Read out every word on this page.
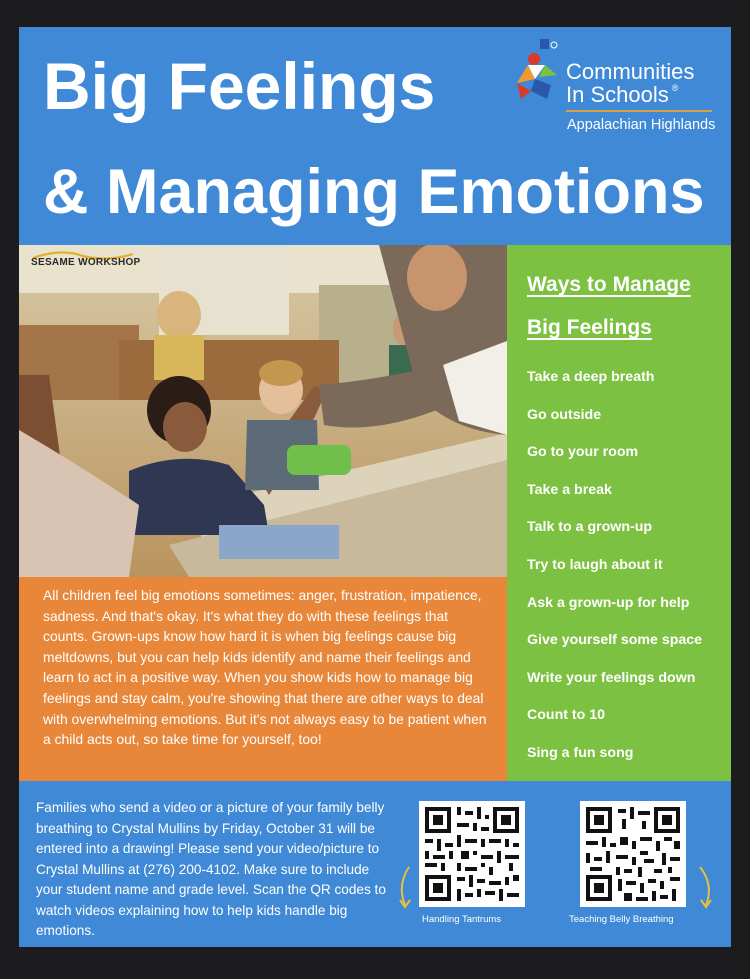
Big Feelings
& Managing Emotions
Communities
In Schools ®
Appalachian Highlands
SESAME WORKSHOP
Ways to Manage
Big Feelings
Take a deep breath
Go outside
Go to your room
Take a break
Talk to a grown-up
Try to laugh about it
Ask a grown-up for help
Give yourself some space
Write your feelings down
Count to 10
Sing a fun song

All children feel big emotions sometimes: anger, frustration, impatience, sadness. And that's okay. It's what they do with these feelings that counts. Grown-ups know how hard it is when big feelings cause big meltdowns, but you can help kids identify and name their feelings and learn to act in a positive way. When you show kids how to manage big feelings and stay calm, you're showing that there are other ways to deal with overwhelming emotions. But it's not always easy to be patient when a child acts out, so take time for yourself, too!

Families who send a video or a picture of your family belly breathing to Crystal Mullins by Friday, October 31 will be entered into a drawing! Please send your video/picture to Crystal Mullins at (276) 200-4102. Make sure to include your student name and grade level. Scan the QR codes to watch videos explaining how to help kids handle big emotions.

Handling Tantrums	Teaching Belly Breathing
